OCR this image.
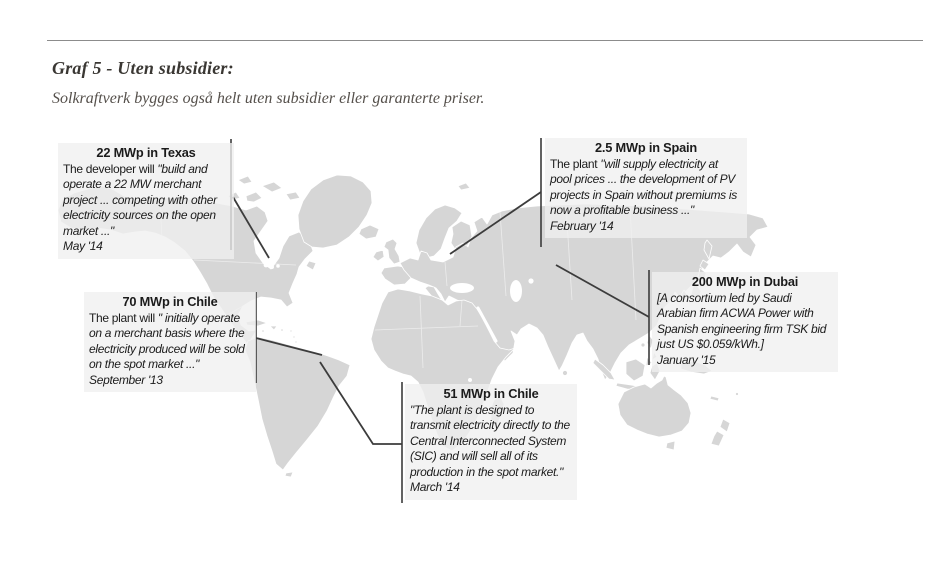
Graf 5 - Uten subsidier:
Solkraftverk bygges også helt uten subsidier eller garanterte priser.
22 MWp in Texas
The developer will "build and operate a 22 MW merchant project ... competing with other electricity sources on the open market ..."
May '14
2.5 MWp in Spain
The plant "will supply electricity at pool prices ... the development of PV projects in Spain without premiums is now a profitable business ..."
February '14
70 MWp in Chile
The plant will " initially operate on a merchant basis where the electricity produced will be sold on the spot market ..."
September '13
200 MWp in Dubai
[A consortium led by Saudi Arabian firm ACWA Power with Spanish engineering firm TSK bid just US $0.059/kWh.]
January '15
51 MWp in Chile
"The plant is designed to transmit electricity directly to the Central Interconnected System (SIC) and will sell all of its production in the spot market."
March '14
